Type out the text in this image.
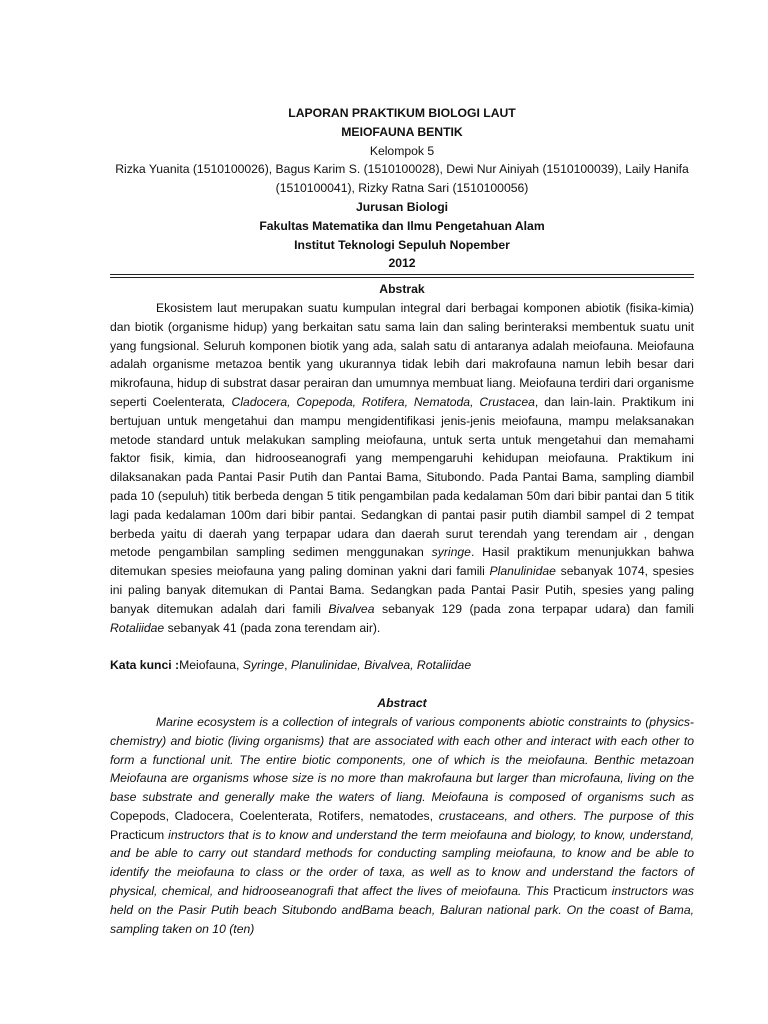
LAPORAN PRAKTIKUM BIOLOGI LAUT
MEIOFAUNA BENTIK
Kelompok 5
Rizka Yuanita (1510100026), Bagus Karim S. (1510100028), Dewi Nur Ainiyah (1510100039), Laily Hanifa (1510100041), Rizky Ratna Sari (1510100056)
Jurusan Biologi
Fakultas Matematika dan Ilmu Pengetahuan Alam
Institut Teknologi Sepuluh Nopember
2012
Abstrak
Ekosistem laut merupakan suatu kumpulan integral dari berbagai komponen abiotik (fisika-kimia) dan biotik (organisme hidup) yang berkaitan satu sama lain dan saling berinteraksi membentuk suatu unit yang fungsional. Seluruh komponen biotik yang ada, salah satu di antaranya adalah meiofauna. Meiofauna adalah organisme metazoa bentik yang ukurannya tidak lebih dari makrofauna namun lebih besar dari mikrofauna, hidup di substrat dasar perairan dan umumnya membuat liang. Meiofauna terdiri dari organisme seperti Coelenterata, Cladocera, Copepoda, Rotifera, Nematoda, Crustacea, dan lain-lain. Praktikum ini bertujuan untuk mengetahui dan mampu mengidentifikasi jenis-jenis meiofauna, mampu melaksanakan metode standard untuk melakukan sampling meiofauna, untuk serta untuk mengetahui dan memahami faktor fisik, kimia, dan hidrooseanografi yang mempengaruhi kehidupan meiofauna. Praktikum ini dilaksanakan pada Pantai Pasir Putih dan Pantai Bama, Situbondo. Pada Pantai Bama, sampling diambil pada 10 (sepuluh) titik berbeda dengan 5 titik pengambilan pada kedalaman 50m dari bibir pantai dan 5 titik lagi pada kedalaman 100m dari bibir pantai. Sedangkan di pantai pasir putih diambil sampel di 2 tempat berbeda yaitu di daerah yang terpapar udara dan daerah surut terendah yang terendam air , dengan metode pengambilan sampling sedimen menggunakan syringe. Hasil praktikum menunjukkan bahwa ditemukan spesies meiofauna yang paling dominan yakni dari famili Planulinidae sebanyak 1074, spesies ini paling banyak ditemukan di Pantai Bama. Sedangkan pada Pantai Pasir Putih, spesies yang paling banyak ditemukan adalah dari famili Bivalvea sebanyak 129 (pada zona terpapar udara) dan famili Rotaliidae sebanyak 41 (pada zona terendam air).
Kata kunci :Meiofauna, Syringe, Planulinidae, Bivalvea, Rotaliidae
Abstract
Marine ecosystem is a collection of integrals of various components abiotic constraints to (physics-chemistry) and biotic (living organisms) that are associated with each other and interact with each other to form a functional unit. The entire biotic components, one of which is the meiofauna. Benthic metazoan Meiofauna are organisms whose size is no more than makrofauna but larger than microfauna, living on the base substrate and generally make the waters of liang. Meiofauna is composed of organisms such as Copepods, Cladocera, Coelenterata, Rotifers, nematodes, crustaceans, and others. The purpose of this Practicum instructors that is to know and understand the term meiofauna and biology, to know, understand, and be able to carry out standard methods for conducting sampling meiofauna, to know and be able to identify the meiofauna to class or the order of taxa, as well as to know and understand the factors of physical, chemical, and hidrooseanografi that affect the lives of meiofauna. This Practicum instructors was held on the Pasir Putih beach Situbondo andBama beach, Baluran national park. On the coast of Bama, sampling taken on 10 (ten)
